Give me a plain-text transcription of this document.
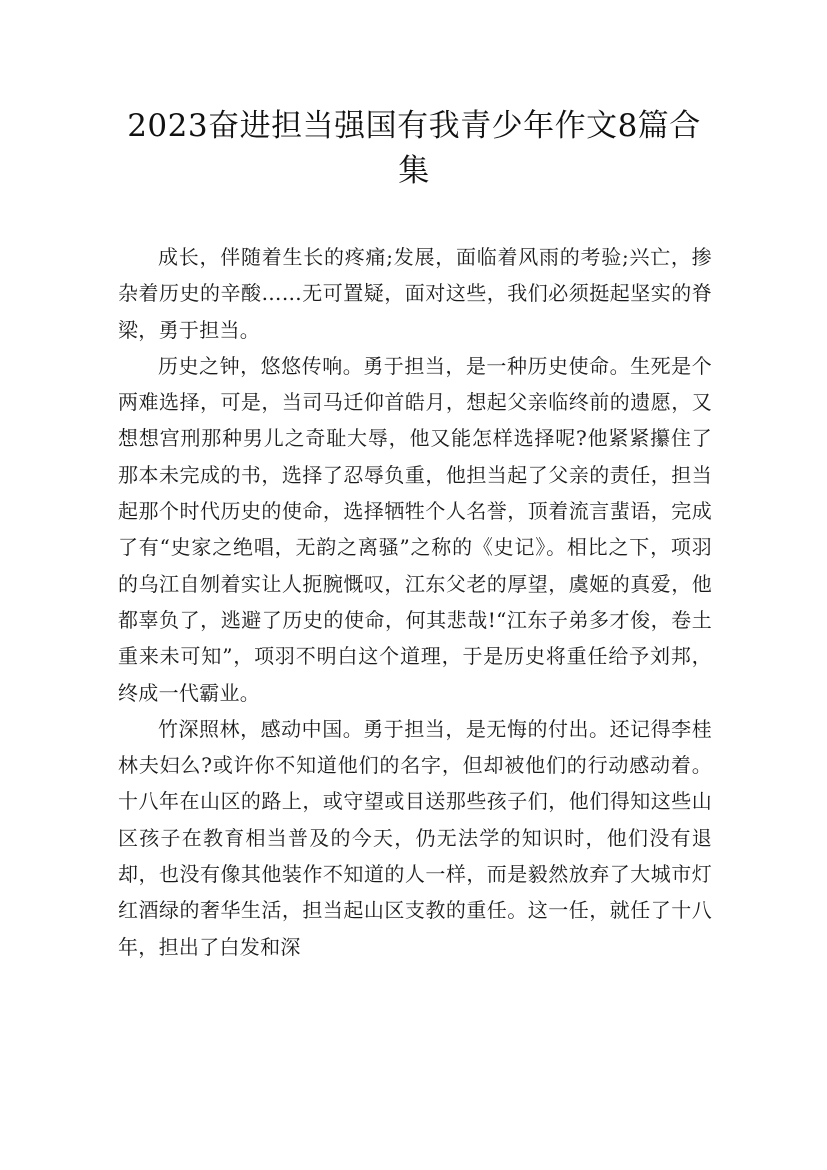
2023奋进担当强国有我青少年作文8篇合集

成长，伴随着生长的疼痛;发展，面临着风雨的考验;兴亡，掺杂着历史的辛酸……无可置疑，面对这些，我们必须挺起坚实的脊梁，勇于担当。

历史之钟，悠悠传响。勇于担当，是一种历史使命。生死是个两难选择，可是，当司马迁仰首皓月，想起父亲临终前的遗愿，又想想宫刑那种男儿之奇耻大辱，他又能怎样选择呢?他紧紧攥住了那本未完成的书，选择了忍辱负重，他担当起了父亲的责任，担当起那个时代历史的使命，选择牺牲个人名誉，顶着流言蜚语，完成了有“史家之绝唱，无韵之离骚”之称的《史记》。相比之下，项羽的乌江自刎着实让人扼腕慨叹，江东父老的厚望，虞姬的真爱，他都辜负了，逃避了历史的使命，何其悲哉!“江东子弟多才俊，卷土重来未可知”，项羽不明白这个道理，于是历史将重任给予刘邦，终成一代霸业。

竹深照林，感动中国。勇于担当，是无悔的付出。还记得李桂林夫妇么?或许你不知道他们的名字，但却被他们的行动感动着。十八年在山区的路上，或守望或目送那些孩子们，他们得知这些山区孩子在教育相当普及的今天，仍无法学的知识时，他们没有退却，也没有像其他装作不知道的人一样，而是毅然放弃了大城市灯红酒绿的奢华生活，担当起山区支教的重任。这一任，就任了十八年，担出了白发和深
